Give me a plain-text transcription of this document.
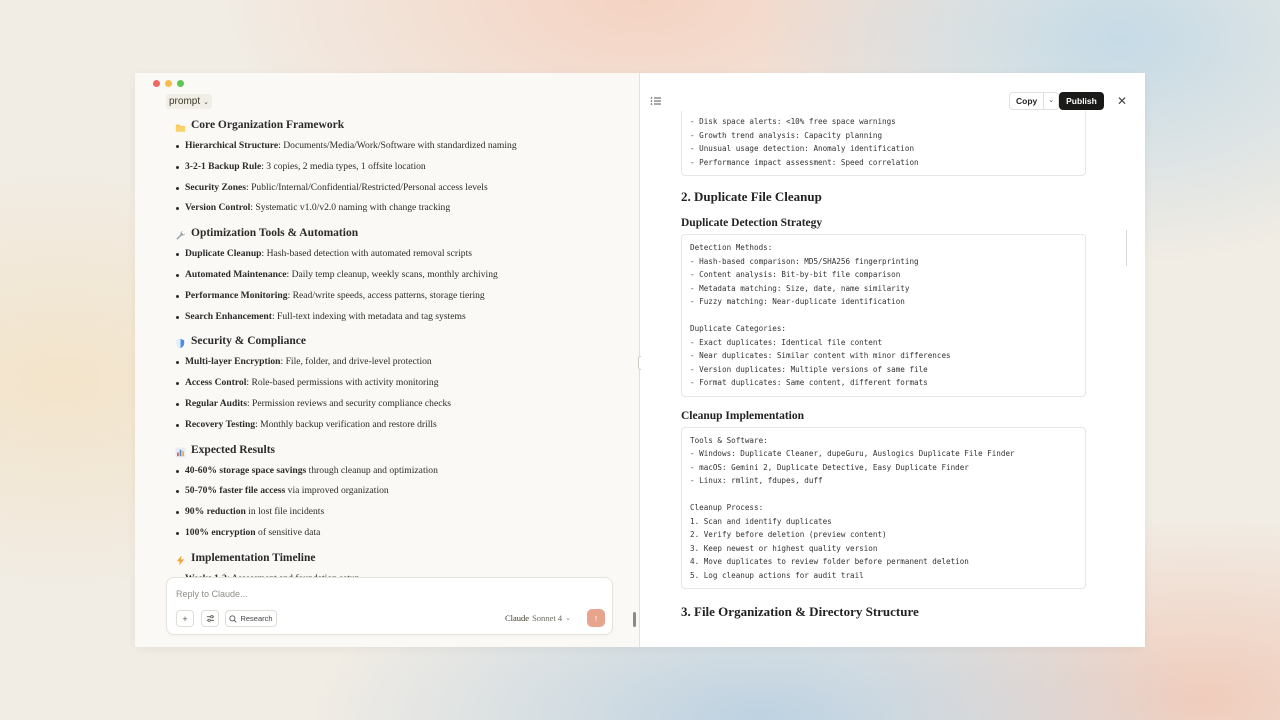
prompt ⌄
Core Organization Framework
Hierarchical Structure: Documents/Media/Work/Software with standardized naming
3-2-1 Backup Rule: 3 copies, 2 media types, 1 offsite location
Security Zones: Public/Internal/Confidential/Restricted/Personal access levels
Version Control: Systematic v1.0/v2.0 naming with change tracking
Optimization Tools & Automation
Duplicate Cleanup: Hash-based detection with automated removal scripts
Automated Maintenance: Daily temp cleanup, weekly scans, monthly archiving
Performance Monitoring: Read/write speeds, access patterns, storage tiering
Search Enhancement: Full-text indexing with metadata and tag systems
Security & Compliance
Multi-layer Encryption: File, folder, and drive-level protection
Access Control: Role-based permissions with activity monitoring
Regular Audits: Permission reviews and security compliance checks
Recovery Testing: Monthly backup verification and restore drills
Expected Results
40-60% storage space savings through cleanup and optimization
50-70% faster file access via improved organization
90% reduction in lost file incidents
100% encryption of sensitive data
Implementation Timeline
Reply to Claude...
+	Research	Claude Sonnet 4 ⌄	↑
Copy	⌄	Publish	✕
- Disk space alerts: <10% free space warnings
- Growth trend analysis: Capacity planning
- Unusual usage detection: Anomaly identification
- Performance impact assessment: Speed correlation
2. Duplicate File Cleanup
Duplicate Detection Strategy
Detection Methods:
- Hash-based comparison: MD5/SHA256 fingerprinting
- Content analysis: Bit-by-bit file comparison
- Metadata matching: Size, date, name similarity
- Fuzzy matching: Near-duplicate identification
Duplicate Categories:
- Exact duplicates: Identical file content
- Near duplicates: Similar content with minor differences
- Version duplicates: Multiple versions of same file
- Format duplicates: Same content, different formats
Cleanup Implementation
Tools & Software:
- Windows: Duplicate Cleaner, dupeGuru, Auslogics Duplicate File Finder
- macOS: Gemini 2, Duplicate Detective, Easy Duplicate Finder
- Linux: rmlint, fdupes, duff
Cleanup Process:
1. Scan and identify duplicates
2. Verify before deletion (preview content)
3. Keep newest or highest quality version
4. Move duplicates to review folder before permanent deletion
5. Log cleanup actions for audit trail
3. File Organization & Directory Structure
